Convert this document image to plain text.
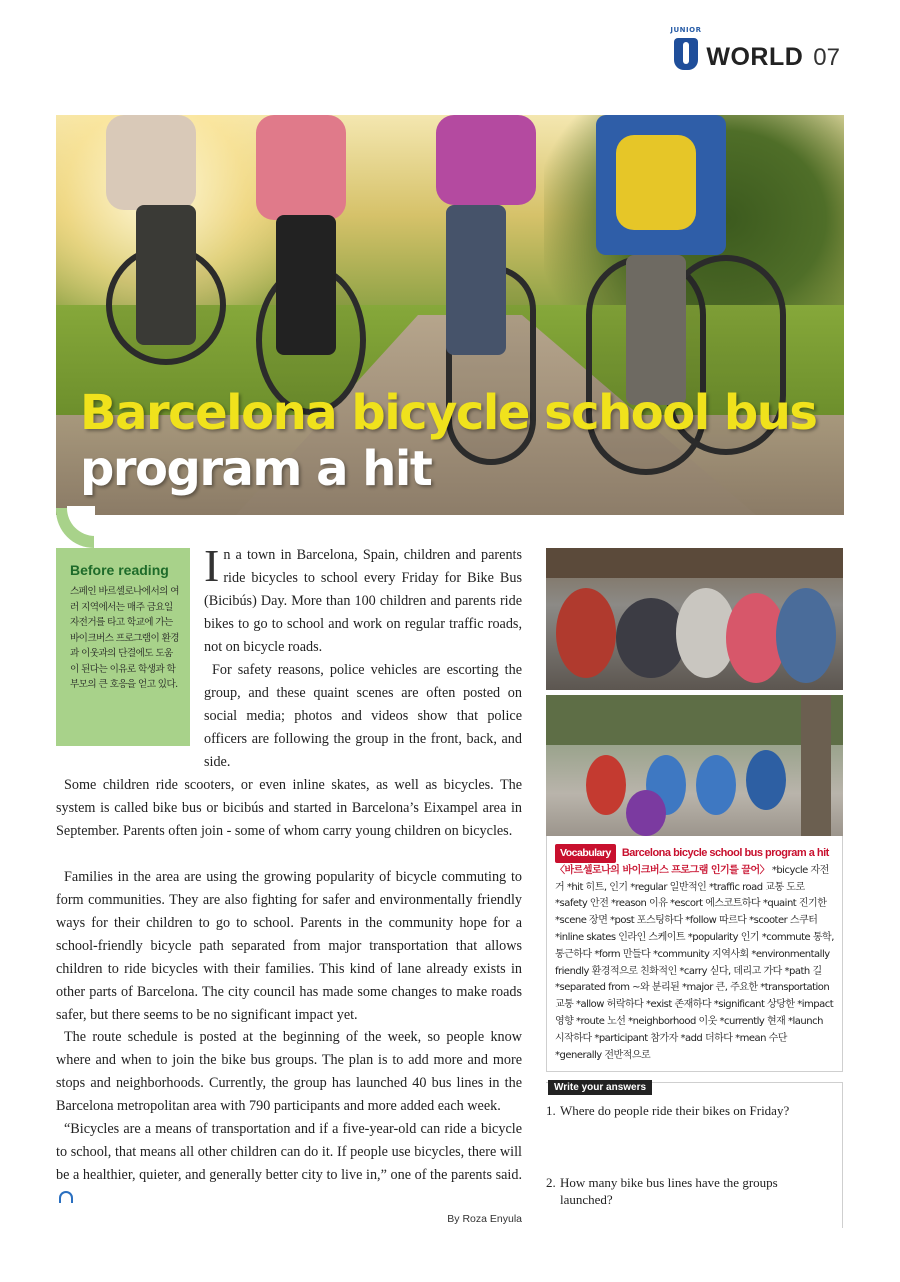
JUNIOR
WORLD 07
Barcelona bicycle school bus
program a hit
Before reading

스페인 바르셀로나에서의 여러 지역에서는 매주 금요일 자전거를 타고 학교에 가는 바이크버스 프로그램이 환경과 이웃과의 단결에도 도움이 된다는 이유로 학생과 학부모의 큰 호응을 얻고 있다.

In a town in Barcelona, Spain, children and parents ride bicycles to school every Friday for Bike Bus (Bicibús) Day. More than 100 children and parents ride bikes to go to school and work on regular traffic roads, not on bicycle roads.
For safety reasons, police vehicles are escorting the group, and these quaint scenes are often posted on social media; photos and videos show that police officers are following the group in the front, back, and side.
Some children ride scooters, or even inline skates, as well as bicycles. The system is called bike bus or bicibús and started in Barcelona’s Eixampel area in September. Parents often join - some of whom carry young children on bicycles.
Families in the area are using the growing popularity of bicycle commuting to form communities. They are also fighting for safer and environmentally friendly ways for their children to go to school. Parents in the community hope for a school-friendly bicycle path separated from major transportation that allows children to ride bicycles with their families. This kind of lane already exists in other parts of Barcelona. The city council has made some changes to make roads safer, but there seems to be no significant impact yet.
The route schedule is posted at the beginning of the week, so people know where and when to join the bike bus groups. The plan is to add more and more stops and neighborhoods. Currently, the group has launched 40 bus lines in the Barcelona metropolitan area with 790 participants and more added each week.
“Bicycles are a means of transportation and if a five-year-old can ride a bicycle to school, that means all other children can do it. If people use bicycles, there will be a healthier, quieter, and generally better city to live in,” one of the parents said.
By Roza Enyula
Vocabulary Barcelona bicycle school bus program a hit
〈바르셀로나의 바이크버스 프로그램 인기를 끌어〉 *bicycle 자전거 *hit 히트, 인기 *regular 일반적인 *traffic road 교통 도로 *safety 안전 *reason 이유 *escort 에스코트하다 *quaint 진기한 *scene 장면 *post 포스팅하다 *follow 따르다 *scooter 스쿠터 *inline skates 인라인 스케이트 *popularity 인기 *commute 통학, 통근하다 *form 만들다 *community 지역사회 *environmentally friendly 환경적으로 친화적인 *carry 싣다, 데리고 가다 *path 길 *separated from ~와 분리된 *major 큰, 주요한 *transportation 교통 *allow 허락하다 *exist 존재하다 *significant 상당한 *impact 영향 *route 노선 *neighborhood 이웃 *currently 현재 *launch 시작하다 *participant 참가자 *add 더하다 *mean 수단 *generally 전반적으로
Write your answers
1. Where do people ride their bikes on Friday?
2. How many bike bus lines have the groups
launched?
